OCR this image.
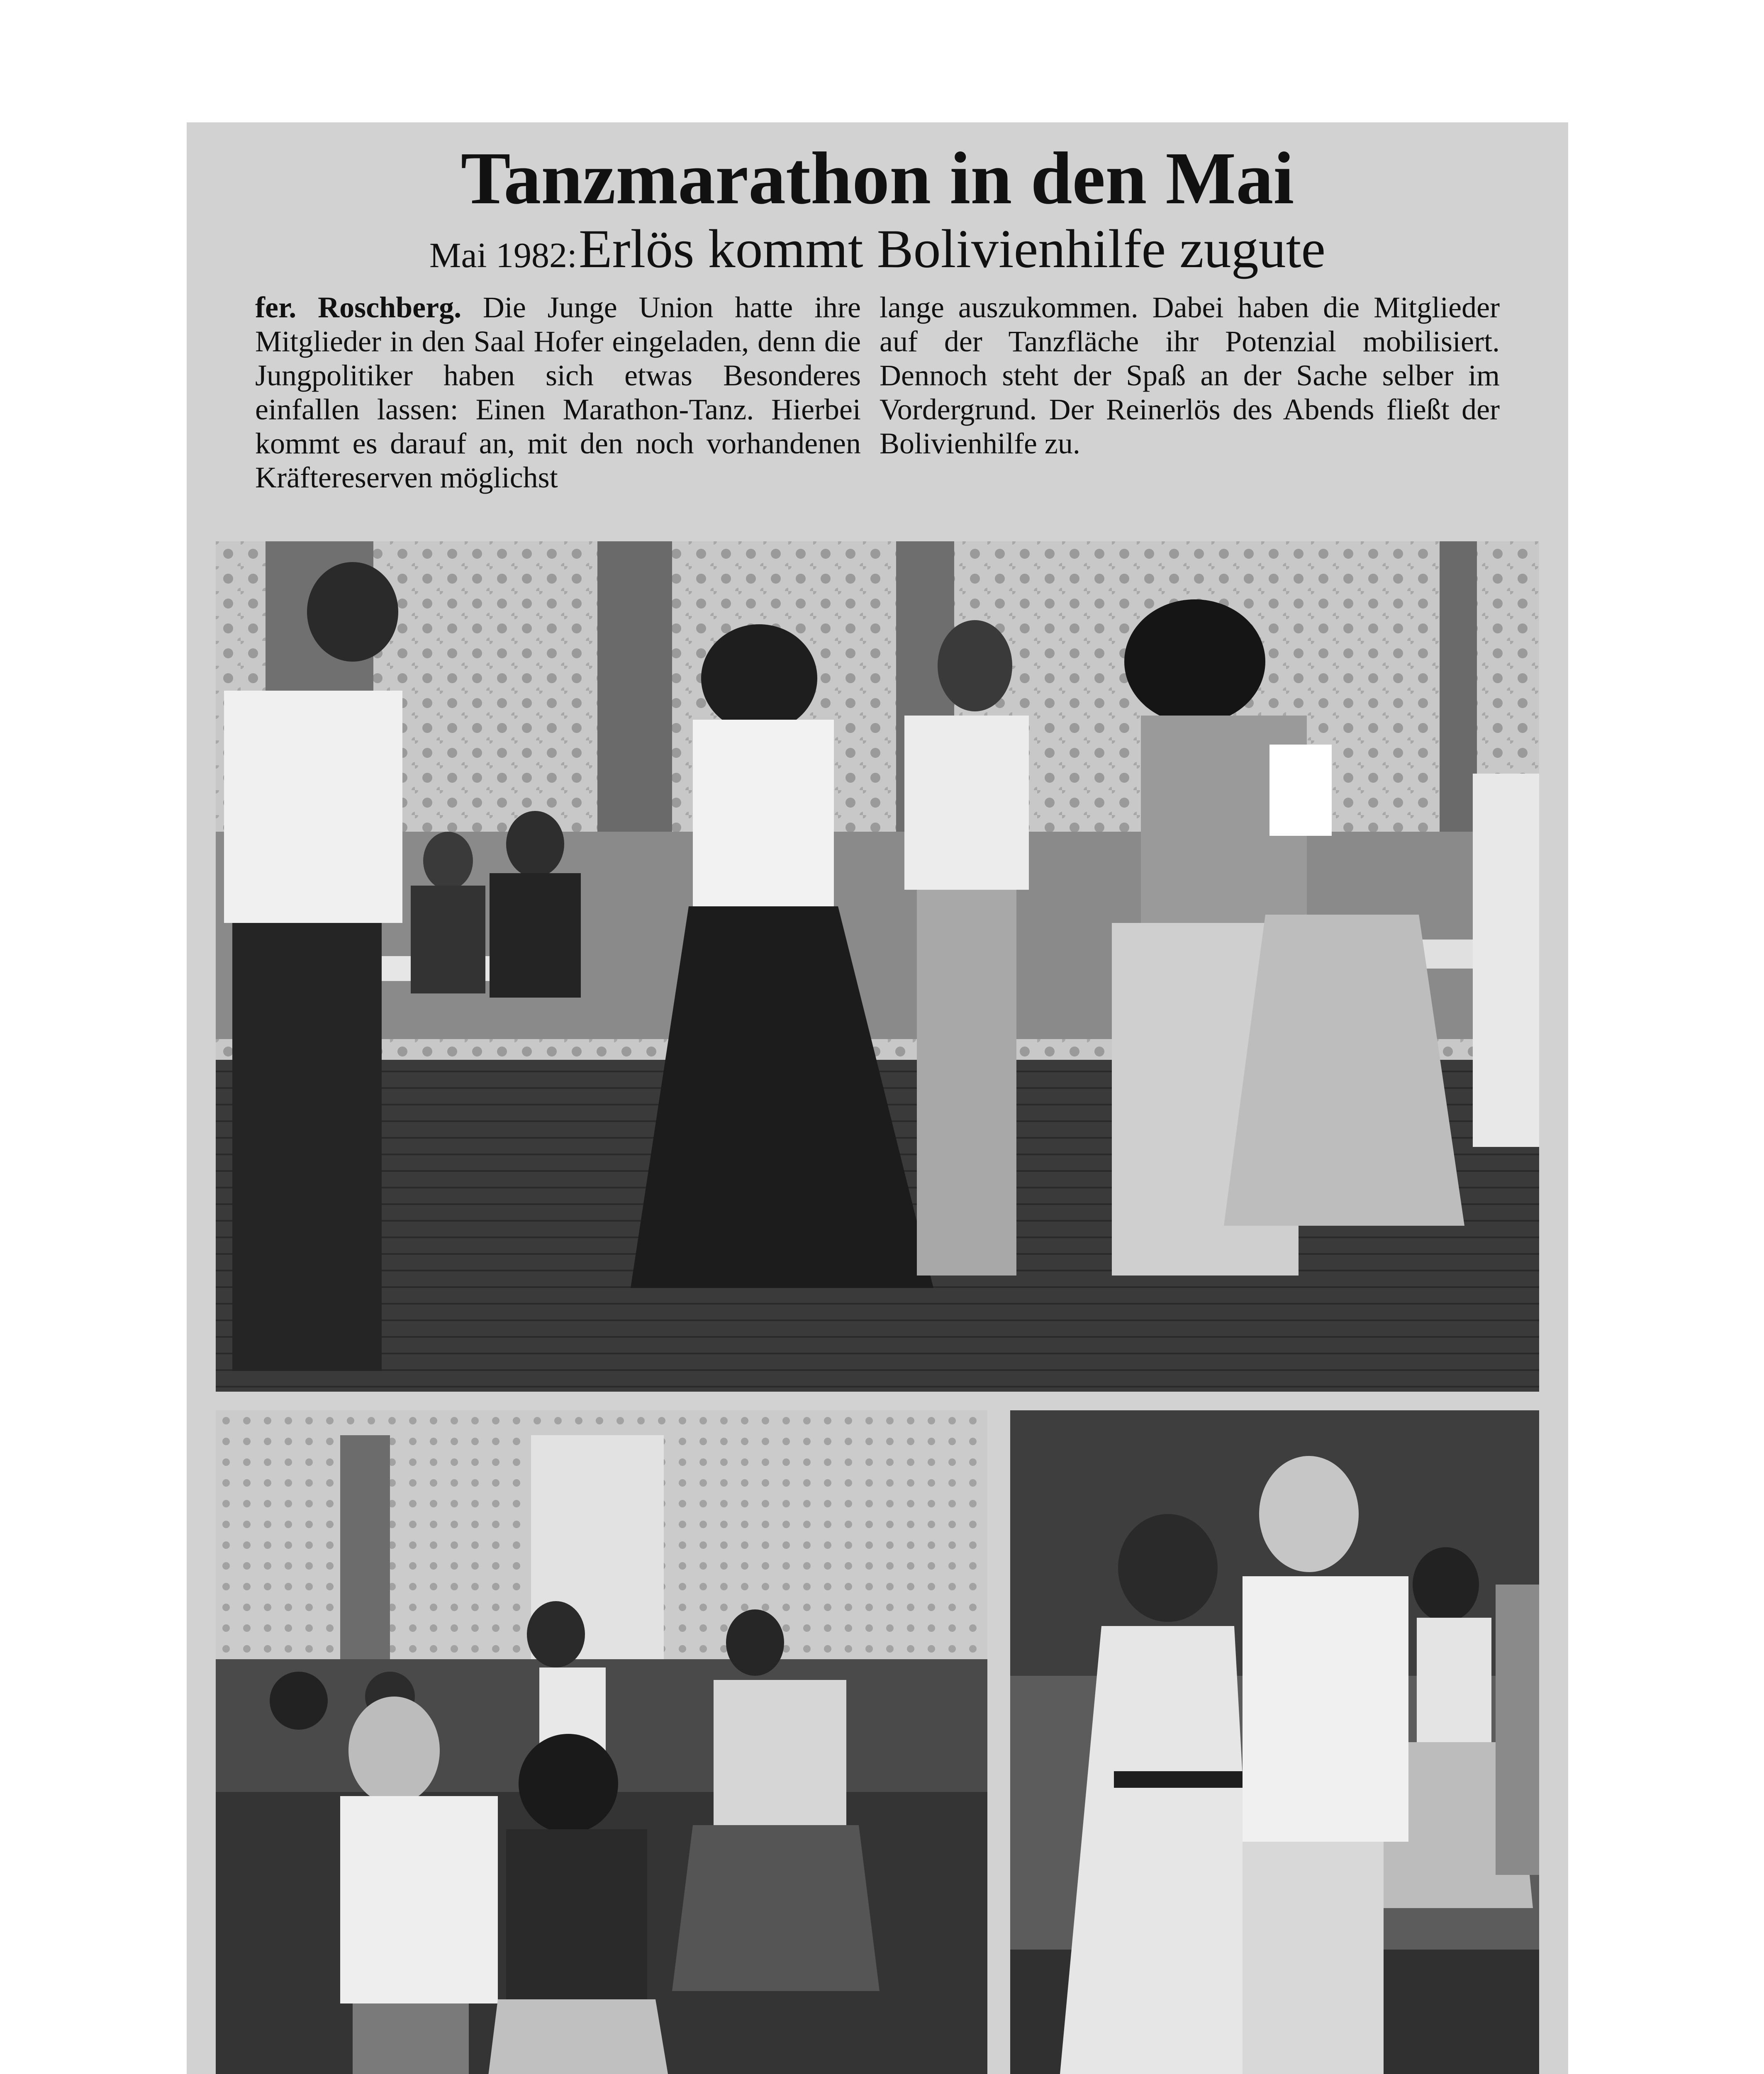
Tanzmarathon in den Mai
Mai 1982: Erlös kommt Bolivienhilfe zugute
fer. Roschberg. Die Junge Union hatte ihre Mitglieder in den Saal Hofer eingeladen, denn die Jungpolitiker haben sich etwas Besonderes einfallen lassen: Einen Marathon-Tanz. Hierbei kommt es darauf an, mit den noch vorhandenen Kräftereserven möglichst
lange auszukommen. Dabei haben die Mitglieder auf der Tanzfläche ihr Potenzial mobilisiert. Dennoch steht der Spaß an der Sache selber im Vordergrund. Der Reinerlös des Abends fließt der Bolivienhilfe zu.
